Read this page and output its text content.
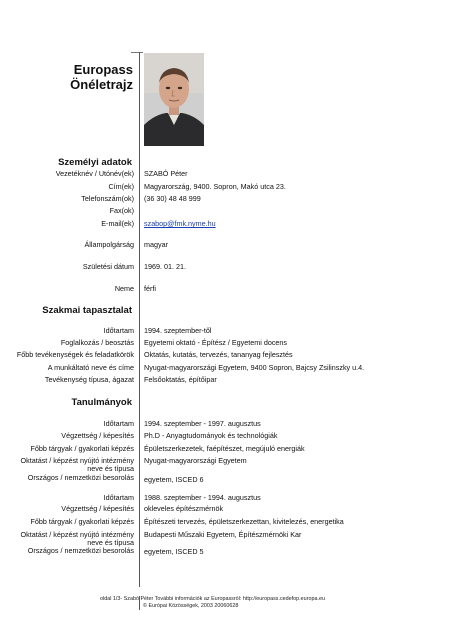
Europass
Önéletrajz
Személyi adatok
Vezetéknév / Utónév(ek) SZABÓ Péter
Cím(ek) Magyarország, 9400. Sopron, Makó utca 23.
Telefonszám(ok) (36 30) 48 48 999
Fax(ok)
E-mail(ek) szabop@fmk.nyme.hu
Állampolgárság magyar
Születési dátum 1969. 01. 21.
Neme férfi
Szakmai tapasztalat
Időtartam 1994. szeptember-től
Foglalkozás / beosztás Egyetemi oktató - Építész / Egyetemi docens
Főbb tevékenységek és feladatkörök Oktatás, kutatás, tervezés, tananyag fejlesztés
A munkáltató neve és címe Nyugat-magyarországi Egyetem, 9400 Sopron, Bajcsy Zsilinszky u.4.
Tevékenység típusa, ágazat Felsőoktatás, építőipar
Tanulmányok
Időtartam 1994. szeptember - 1997. augusztus
Végzettség / képesítés Ph.D - Anyagtudományok és technológiák
Főbb tárgyak / gyakorlati képzés Épületszerkezetek, faépítészet, megújuló energiák
Oktatást / képzést nyújtó intézmény
neve és típusa
Nyugat-magyarországi Egyetem
Országos / nemzetközi besorolás egyetem, ISCED 6
Időtartam 1988. szeptember - 1994. augusztus
Végzettség / képesítés okleveles építészmérnök
Főbb tárgyak / gyakorlati képzés Építészeti tervezés, épületszerkezettan, kivitelezés, energetika
Oktatást / képzést nyújtó intézmény
neve és típusa
Budapesti Műszaki Egyetem, Építészmérnöki Kar
Országos / nemzetközi besorolás egyetem, ISCED 5
oldal 1/3- Szabó Péter További információk az Europassról: http://europass.cedefop.europa.eu
© Európai Közösségek, 2003 20060628
